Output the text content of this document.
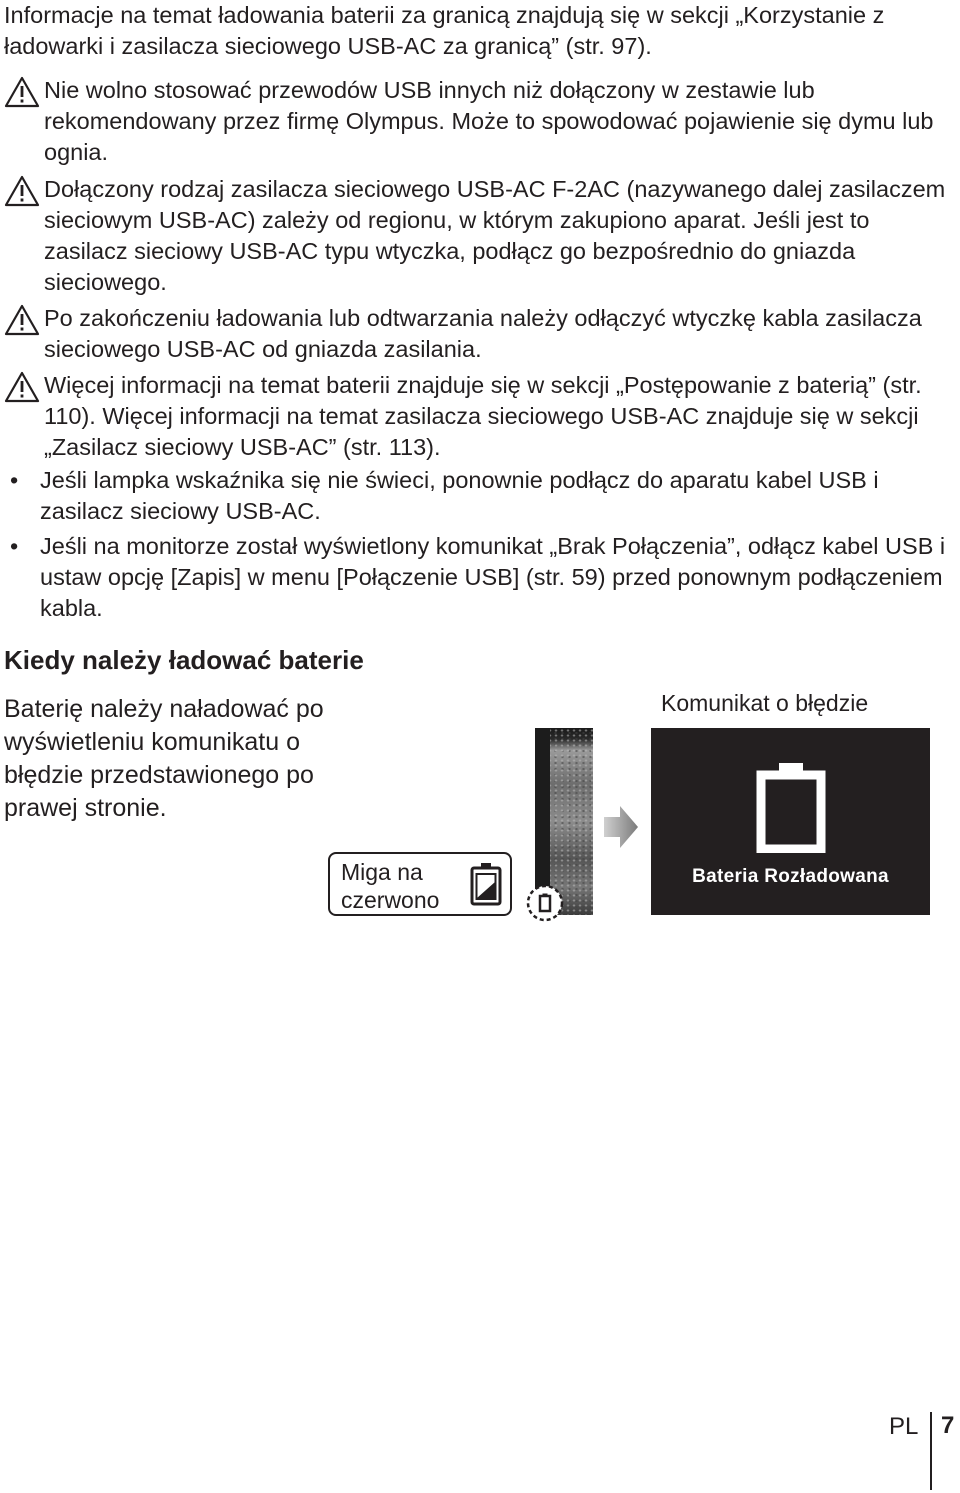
Informacje na temat ładowania baterii za granicą znajdują się w sekcji „Korzystanie z ładowarki i zasilacza sieciowego USB-AC za granicą” (str. 97).
Nie wolno stosować przewodów USB innych niż dołączony w zestawie lub rekomendowany przez firmę Olympus. Może to spowodować pojawienie się dymu lub ognia.
Dołączony rodzaj zasilacza sieciowego USB-AC F-2AC (nazywanego dalej zasilaczem sieciowym USB-AC) zależy od regionu, w którym zakupiono aparat. Jeśli jest to zasilacz sieciowy USB-AC typu wtyczka, podłącz go bezpośrednio do gniazda sieciowego.
Po zakończeniu ładowania lub odtwarzania należy odłączyć wtyczkę kabla zasilacza sieciowego USB-AC od gniazda zasilania.
Więcej informacji na temat baterii znajduje się w sekcji „Postępowanie z baterią” (str. 110). Więcej informacji na temat zasilacza sieciowego USB-AC znajduje się w sekcji „Zasilacz sieciowy USB-AC” (str. 113).
• Jeśli lampka wskaźnika się nie świeci, ponownie podłącz do aparatu kabel USB i zasilacz sieciowy USB-AC.
• Jeśli na monitorze został wyświetlony komunikat „Brak Połączenia”, odłącz kabel USB i ustaw opcję [Zapis] w menu [Połączenie USB] (str. 59) przed ponownym podłączeniem kabla.
Kiedy należy ładować baterie
Baterię należy naładować po wyświetleniu komunikatu o błędzie przedstawionego po prawej stronie.
Miga na
czerwono
Komunikat o błędzie
Bateria Rozładowana
PL 7
